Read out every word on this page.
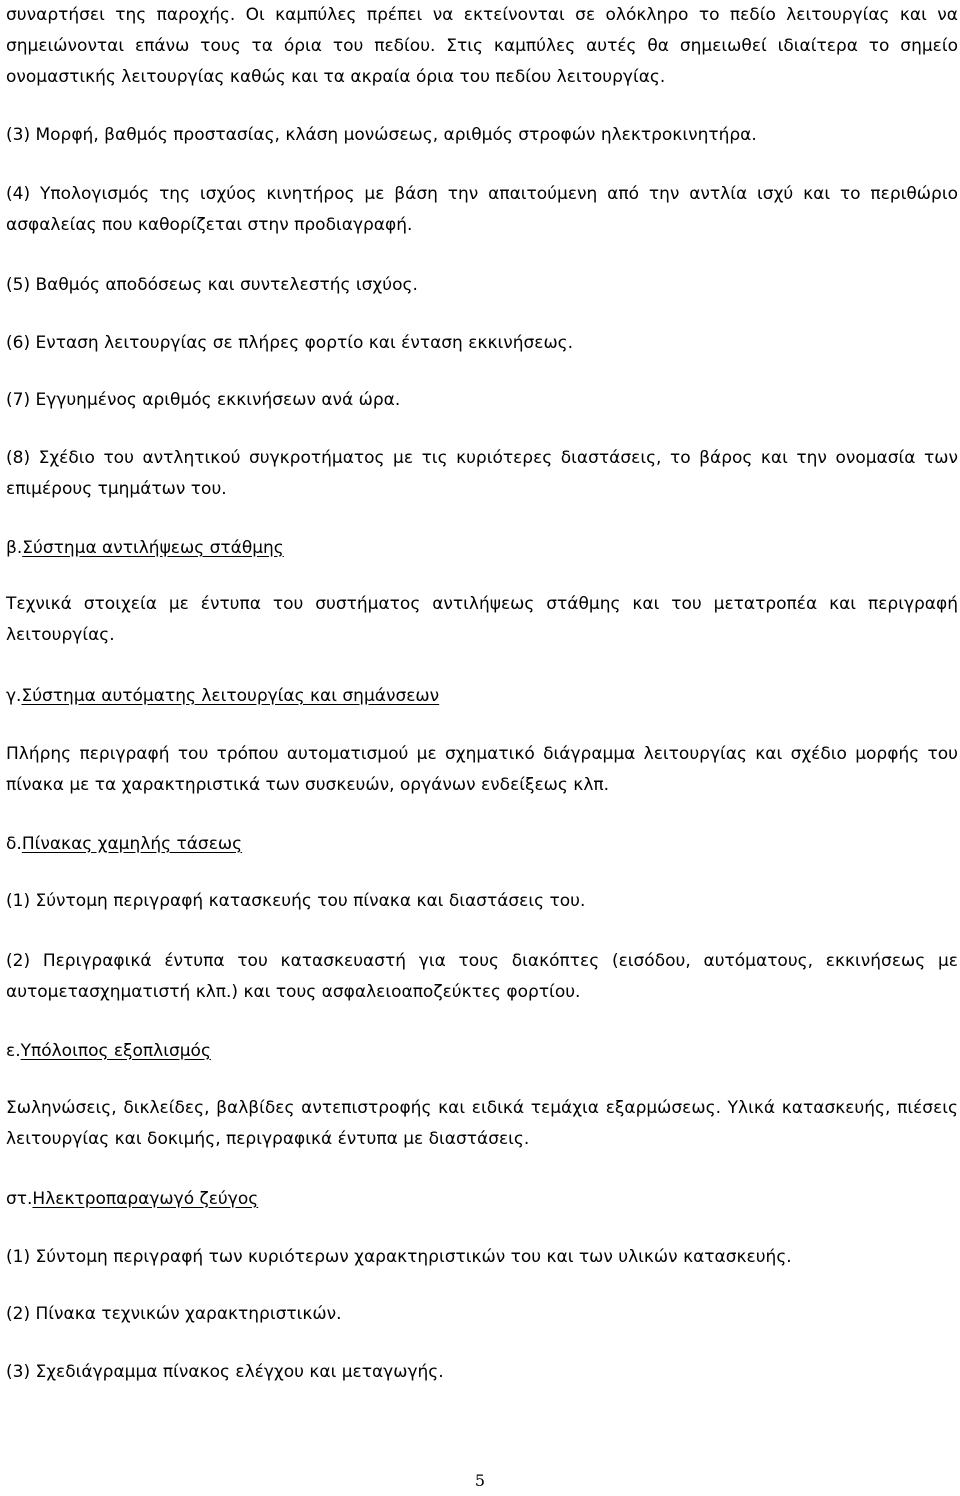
συναρτήσει της παροχής. Οι καμπύλες πρέπει να εκτείνονται σε ολόκληρο το πεδίο λειτουργίας και να σημειώνονται επάνω τους τα όρια του πεδίου. Στις καμπύλες αυτές θα σημειωθεί ιδιαίτερα το σημείο ονομαστικής λειτουργίας καθώς και τα ακραία όρια του πεδίου λειτουργίας.

(3) Μορφή, βαθμός προστασίας, κλάση μονώσεως, αριθμός στροφών ηλεκτροκινητήρα.

(4) Υπολογισμός της ισχύος κινητήρος με βάση την απαιτούμενη από την αντλία ισχύ και το περιθώριο ασφαλείας που καθορίζεται στην προδιαγραφή.

(5) Βαθμός αποδόσεως και συντελεστής ισχύος.

(6) Ενταση λειτουργίας σε πλήρες φορτίο και ένταση εκκινήσεως.

(7) Εγγυημένος αριθμός εκκινήσεων ανά ώρα.

(8) Σχέδιο του αντλητικού συγκροτήματος με τις κυριότερες διαστάσεις, το βάρος και την ονομασία των επιμέρους τμημάτων του.

β.Σύστημα αντιλήψεως στάθμης

Τεχνικά στοιχεία με έντυπα του συστήματος αντιλήψεως στάθμης και του μετατροπέα και περιγραφή λειτουργίας.

γ.Σύστημα αυτόματης λειτουργίας και σημάνσεων

Πλήρης περιγραφή του τρόπου αυτοματισμού με σχηματικό διάγραμμα λειτουργίας και σχέδιο μορφής του πίνακα με τα χαρακτηριστικά των συσκευών, οργάνων ενδείξεως κλπ.

δ.Πίνακας χαμηλής τάσεως

(1) Σύντομη περιγραφή κατασκευής του πίνακα και διαστάσεις του.

(2) Περιγραφικά έντυπα του κατασκευαστή για τους διακόπτες (εισόδου, αυτόματους, εκκινήσεως με αυτομετασχηματιστή κλπ.) και τους ασφαλειοαποζεύκτες φορτίου.

ε.Υπόλοιπος εξοπλισμός

Σωληνώσεις, δικλείδες, βαλβίδες αντεπιστροφής και ειδικά τεμάχια εξαρμώσεως. Υλικά κατασκευής, πιέσεις λειτουργίας και δοκιμής, περιγραφικά έντυπα με διαστάσεις.

στ.Ηλεκτροπαραγωγό ζεύγος

(1) Σύντομη περιγραφή των κυριότερων χαρακτηριστικών του και των υλικών κατασκευής.

(2) Πίνακα τεχνικών χαρακτηριστικών.

(3) Σχεδιάγραμμα πίνακος ελέγχου και μεταγωγής.

5
